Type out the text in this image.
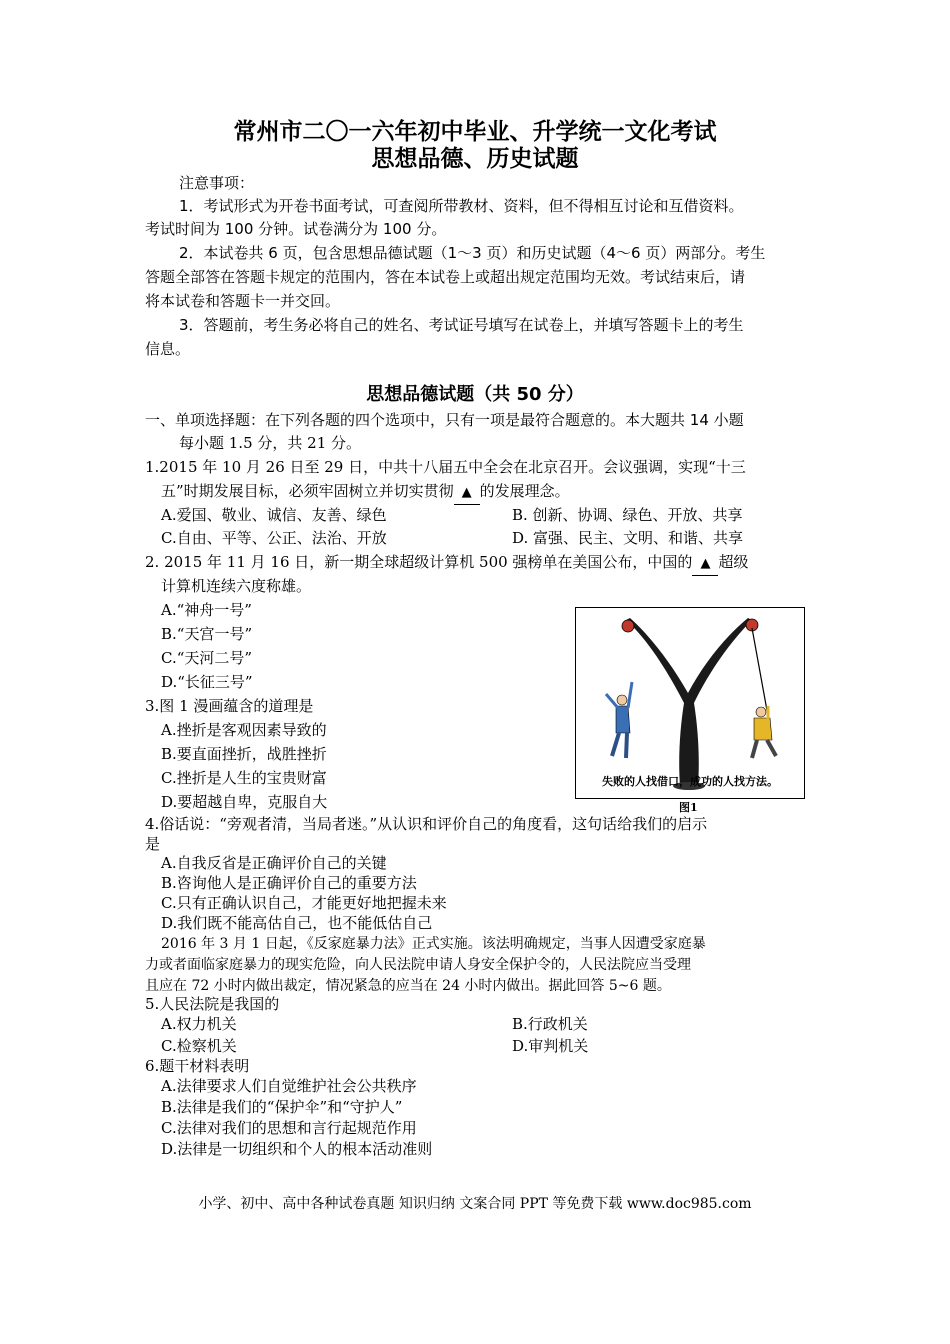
常州市二〇一六年初中毕业、升学统一文化考试
思想品德、历史试题
注意事项：
1．考试形式为开卷书面考试，可查阅所带教材、资料，但不得相互讨论和互借资料。
考试时间为 100 分钟。试卷满分为 100 分。
2．本试卷共 6 页，包含思想品德试题（1～3 页）和历史试题（4～6 页）两部分。考生
答题全部答在答题卡规定的范围内，答在本试卷上或超出规定范围均无效。考试结束后，请
将本试卷和答题卡一并交回。
3．答题前，考生务必将自己的姓名、考试证号填写在试卷上，并填写答题卡上的考生
信息。
思想品德试题（共 50 分）
一、单项选择题：在下列各题的四个选项中，只有一项是最符合题意的。本大题共 14 小题
每小题 1.5 分，共 21 分。
1.2015 年 10 月 26 日至 29 日，中共十八届五中全会在北京召开。会议强调，实现“十三
五”时期发展目标，必须牢固树立并切实贯彻 ▲ 的发展理念。
A.爱国、敬业、诚信、友善、绿色	B. 创新、协调、绿色、开放、共享
C.自由、平等、公正、法治、开放	D. 富强、民主、文明、和谐、共享
2. 2015 年 11 月 16 日，新一期全球超级计算机 500 强榜单在美国公布，中国的 ▲ 超级
计算机连续六度称雄。
A.“神舟一号”
B.“天宫一号”
C.“天河二号”
D.“长征三号”
失败的人找借口，成功的人找方法。
图1
3.图 1 漫画蕴含的道理是
A.挫折是客观因素导致的
B.要直面挫折，战胜挫折
C.挫折是人生的宝贵财富
D.要超越自卑，克服自大
4.俗话说：“旁观者清，当局者迷。”从认识和评价自己的角度看，这句话给我们的启示
是
A.自我反省是正确评价自己的关键
B.咨询他人是正确评价自己的重要方法
C.只有正确认识自己，才能更好地把握未来
D.我们既不能高估自己，也不能低估自己
2016 年 3 月 1 日起，《反家庭暴力法》正式实施。该法明确规定，当事人因遭受家庭暴
力或者面临家庭暴力的现实危险，向人民法院申请人身安全保护令的，人民法院应当受理
且应在 72 小时内做出裁定，情况紧急的应当在 24 小时内做出。据此回答 5~6 题。
5.人民法院是我国的
A.权力机关	B.行政机关
C.检察机关	D.审判机关
6.题干材料表明
A.法律要求人们自觉维护社会公共秩序
B.法律是我们的“保护伞”和“守护人”
C.法律对我们的思想和言行起规范作用
D.法律是一切组织和个人的根本活动准则
小学、初中、高中各种试卷真题 知识归纳 文案合同 PPT 等免费下载 www.doc985.com
